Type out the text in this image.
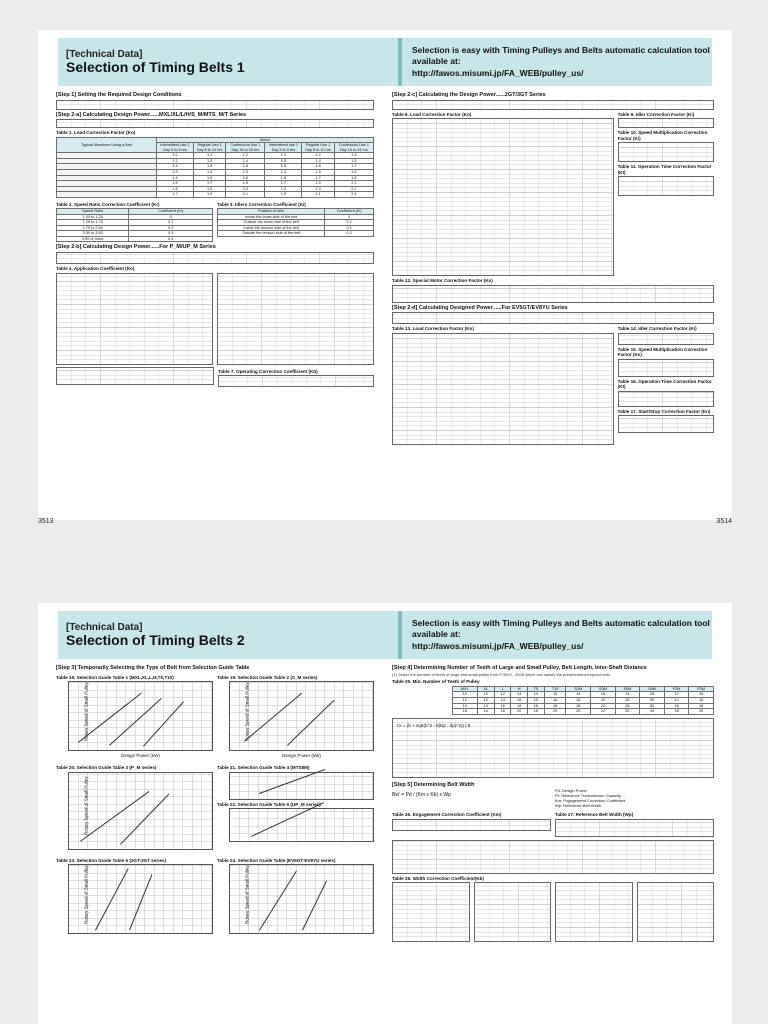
[Technical Data]
Selection of Timing Belts 1
Selection is easy with Timing Pulleys and Belts automatic calculation tool available at:
http://fawos.misumi.jp/FA_WEB/pulley_us/
[Step 1] Setting the Required Design Conditions
[Step 2-a] Calculating Design Power......MXL/XL/L/H/S_M/MTS_M/T Series
Table 1. Load Correction Factor (Ko)
Typical Machines Using a Belt	Motor					
	Intermittent use 1 Day 3 to 5 hrs	Regular Use 1 Day 8 to 10 hrs	Continuous Use 1 Day 16 to 24 hrs	Intermittent use 1 Day 3 to 5 hrs	Regular Use 1 Day 8 to 10 hrs	Continuous Use 1 Day 16 to 24 hrs
	1.0	1.1	1.2	1.1	1.2	1.3
	1.2	1.3	1.4	1.3	1.4	1.5
	1.4	1.5	1.6	1.5	1.6	1.7
	1.3	1.4	1.5	1.4	1.5	1.6
	1.4	1.6	1.6	1.6	1.7	1.8
	1.5	1.7	1.9	1.7	1.9	2.1
	1.8	1.9	2.0	1.9	2.0	2.2
	1.7	1.9	2.1	1.9	2.1	2.4
Table 2. Speed Ratio Correction Coefficient (Kr)
Speed Ratio	Coefficient (Kr)
1.00 to 1.25	0
1.25 to 1.75	0.1
1.75 to 2.50	0.2
2.50 to 3.50	0.3
3.50 or more	0.4
Table 3. Idlers Correction Coefficient (Ki)
Position of Idler	Coefficient (Ki)
Inside the loose side of the belt	0
Outside the loose side of the belt	0.1
Inside the tension side of the belt	0.1
Outside the tension side of the belt	0.2
[Step 2-b] Calculating Design Power......For P_M/UP_M Series
Table 4. Application Coefficient (Ko)
Table 7. Operating Correction Coefficient (Kh)
[Step 2-c] Calculating the Design Power......2GT/3GT Series
Table 6. Load Correction Factor (Ko)	Table 9. Idler Correction Factor (Ki)
Table 10. Speed Multiplication Correction Factor (Ki)
Table 11. Operation Time Correction Factor (Kt)
Table 12. Special Motor Correction Factor (Ks)
[Step 2-d] Calculating Designed Power......For EV5GT/EV8YU Series
Table 13. Load Correction Factor (Ko)	Table 14. Idler Correction Factor (Ki)
Table 15. Speed Multiplication Correction Factor (Ks)
Table 16. Operation Time Correction Factor (Kt)
Table 17. Start/Stop Correction Factor (Kn)
3513	3514
[Technical Data]
Selection of Timing Belts 2
Selection is easy with Timing Pulleys and Belts automatic calculation tool available at:
http://fawos.misumi.jp/FA_WEB/pulley_us/
[Step 3] Temporarily Selecting the Type of Belt from Selection Guide Table
Table 18. Selection Guide Table 1 (MXL,XL,L,H,T5,T10)
Rotary Speed of Small Pulley
Design Power (kW)
Table 19. Selection Guide Table 2 (S_M series)
Rotary Speed of Small Pulley
Design Power (kW)
Table 20. Selection Guide Table 3 (P_M series)
Rotary Speed of Small Pulley
Table 21. Selection Guide Table 4 (MTS8M)
Table 22. Selection Guide Table 5 (UP_M series)
Table 23. Selection Guide Table 6 (2GT-3GT series)
Rotary Speed of Small Pulley
Table 24. Selection Guide Table (EV5GT-EV8YU series)
Rotary Speed of Small Pulley
[Step 4] Determining Number of Teeth of Large and Small Pulley, Belt Length, Inter-Shaft Distance
(1) Select the number of teeth of large and small pulley from P.3519 - 3526 which can satisfy the predetermined speed ratio.
Table 25. Min. Number of Teeth of Pulley
MXL	XL	L	H	T5	T10	S2M	S3M	S5M	S8M	P2M	P3M
10	10	12	14	14	15	14	18	24	28	12	15
12	12	14	16	15	16	16	20	26	30	14	16
14	14	16	18	16	18	18	22	28	32	16	18
16	16	18	20	18	20	20	24	30	34	18	20
Cr = (b + sqrt(b^2 - 8(Dp - dp)^2)) / 8
[Step 5] Determining Belt Width
Bw' = Pd / (Km x Kb) x Wp
Pd: Design Power
Pr: Reference Transmission Capacity
Km: Engagement Correction Coefficient
Wp: Reference Belt Width
Table 26. Engagement Correction Coefficient (Km)	Table 27. Reference Belt Width (Wp)
Table 28. Width Correction Coefficient(Kb)
